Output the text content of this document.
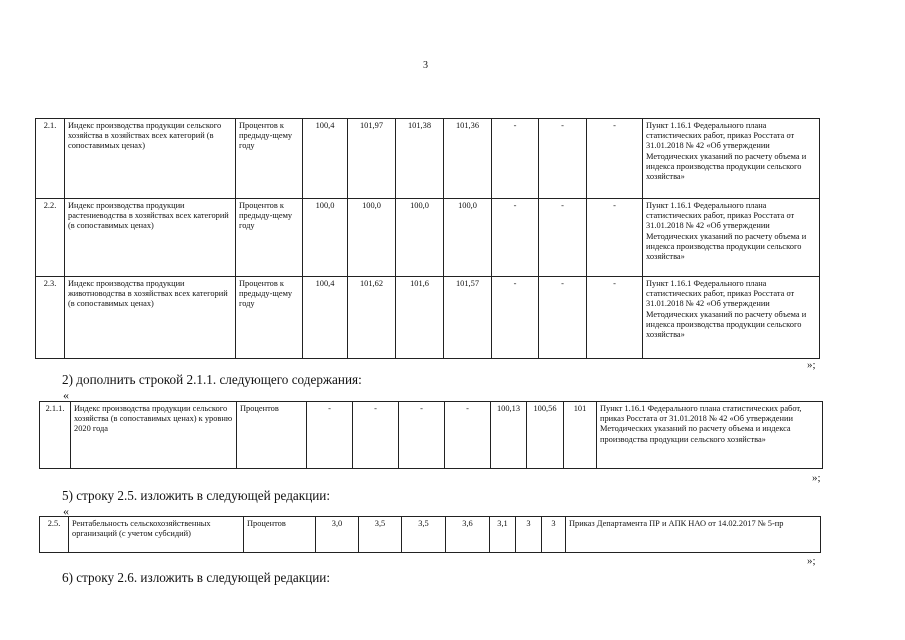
3
2.1.	Индекс производства продукции сельского хозяйства в хозяйствах всех категорий (в сопоставимых ценах)	Процентов к предыду-щему году	100,4	101,97	101,38	101,36	-	-	-	Пункт 1.16.1 Федерального плана статистических работ, приказ Росстата от 31.01.2018 № 42 «Об утверждении Методических указаний по расчету объема и индекса производства продукции сельского хозяйства»
2.2.	Индекс производства продукции растениеводства в хозяйствах всех категорий (в сопоставимых ценах)	Процентов к предыду-щему году	100,0	100,0	100,0	100,0	-	-	-	Пункт 1.16.1 Федерального плана статистических работ, приказ Росстата от 31.01.2018 № 42 «Об утверждении Методических указаний по расчету объема и индекса производства продукции сельского хозяйства»
2.3.	Индекс производства продукции животноводства в хозяйствах всех категорий (в сопоставимых ценах)	Процентов к предыду-щему году	100,4	101,62	101,6	101,57	-	-	-	Пункт 1.16.1 Федерального плана статистических работ, приказ Росстата от 31.01.2018 № 42 «Об утверждении Методических указаний по расчету объема и индекса производства продукции сельского хозяйства»
»;
2) дополнить строкой 2.1.1. следующего содержания:
«
2.1.1.	Индекс производства продукции сельского хозяйства (в сопоставимых ценах) к уровню 2020 года	Процентов	-	-	-	-	100,13	100,56	101	Пункт 1.16.1 Федерального плана статистических работ, приказ Росстата от 31.01.2018 № 42 «Об утверждении Методических указаний по расчету объема и индекса производства продукции сельского хозяйства»
»;
5) строку 2.5. изложить в следующей редакции:
«
2.5.	Рентабельность сельскохозяйственных организаций (с учетом субсидий)	Процентов	3,0	3,5	3,5	3,6	3,1	3	3	Приказ Департамента ПР и АПК НАО от 14.02.2017 № 5-пр
»;
6) строку 2.6. изложить в следующей редакции:
